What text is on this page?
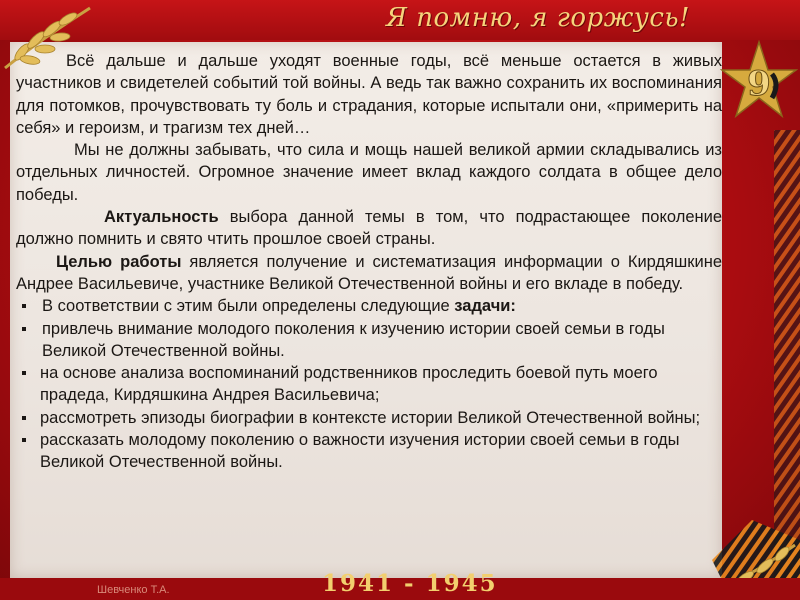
Я помню, я горжусь!
9
1941 - 1945
Шевченко Т.А.

Всё дальше и дальше уходят военные годы, всё меньше остается в живых участников и свидетелей событий той войны. А ведь так важно сохранить их воспоминания для потомков, прочувствовать ту боль и страдания, которые испытали они, «примерить на себя» и героизм, и трагизм тех дней…

Мы не должны забывать, что сила и мощь нашей великой армии складывались из отдельных личностей. Огромное значение имеет вклад каждого солдата в общее дело победы.

Актуальность выбора данной темы в том, что подрастающее поколение должно помнить и свято чтить прошлое своей страны.

Целью работы является получение и систематизация информации о Кирдяшкине Андрее Васильевиче, участнике Великой Отечественной войны и его вкладе в победу.

В соответствии с этим были определены следующие задачи:
привлечь внимание молодого поколения к изучению истории своей семьи в годы Великой Отечественной войны.
на основе анализа воспоминаний родственников проследить боевой путь моего прадеда, Кирдяшкина Андрея Васильевича;
рассмотреть эпизоды биографии в контексте истории Великой Отечественной войны;
рассказать молодому поколению о важности изучения истории своей семьи в годы Великой Отечественной войны.
